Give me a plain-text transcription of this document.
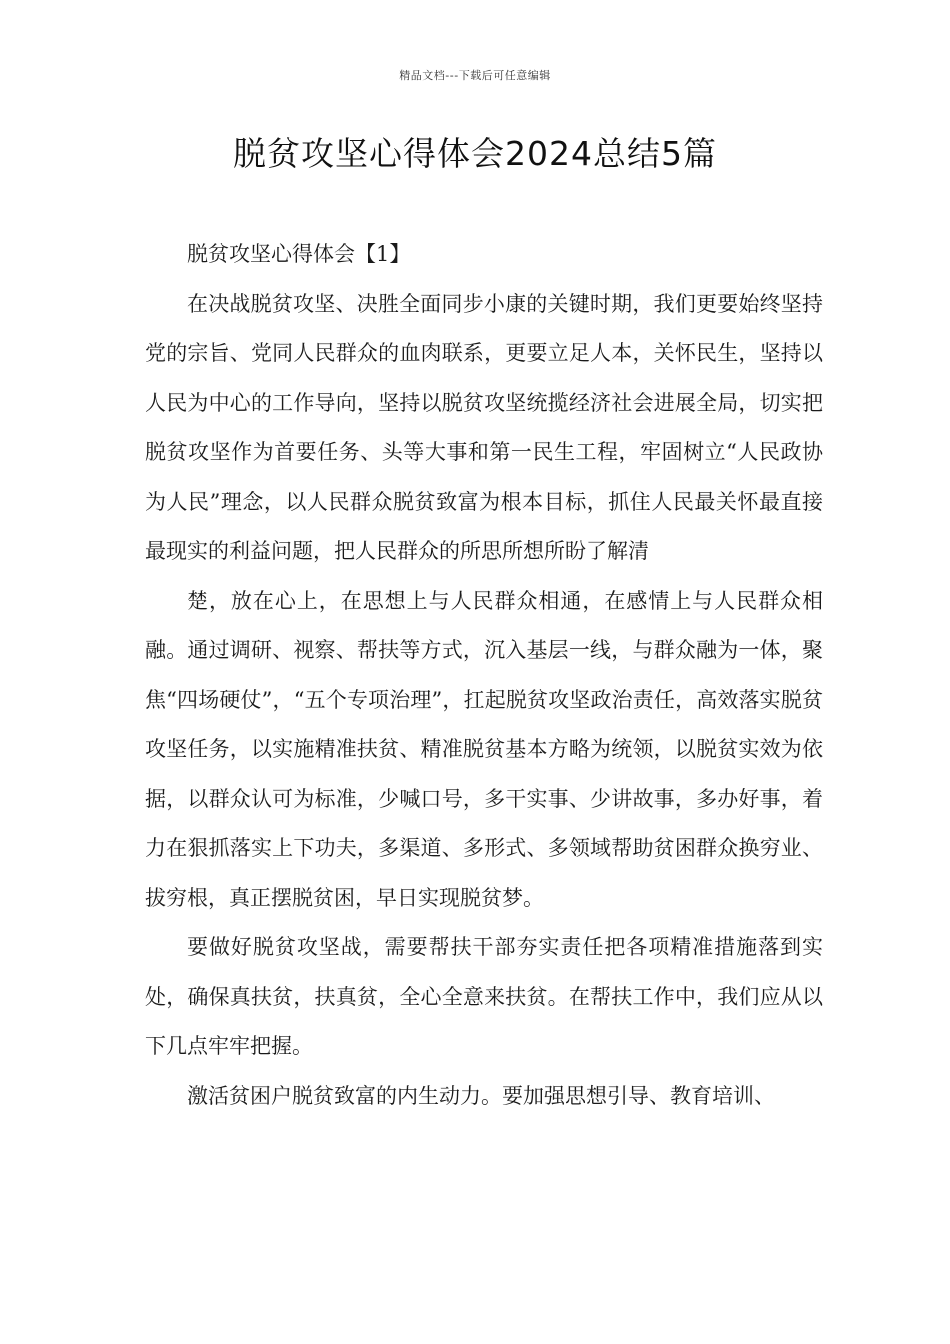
精品文档---下载后可任意编辑
脱贫攻坚心得体会2024总结5篇

脱贫攻坚心得体会【1】

在决战脱贫攻坚、决胜全面同步小康的关键时期，我们更要始终坚持党的宗旨、党同人民群众的血肉联系，更要立足人本，关怀民生，坚持以人民为中心的工作导向，坚持以脱贫攻坚统揽经济社会进展全局，切实把脱贫攻坚作为首要任务、头等大事和第一民生工程，牢固树立“人民政协为人民”理念，以人民群众脱贫致富为根本目标，抓住人民最关怀最直接最现实的利益问题，把人民群众的所思所想所盼了解清

楚，放在心上，在思想上与人民群众相通，在感情上与人民群众相融。通过调研、视察、帮扶等方式，沉入基层一线，与群众融为一体，聚焦“四场硬仗”，“五个专项治理”，扛起脱贫攻坚政治责任，高效落实脱贫攻坚任务，以实施精准扶贫、精准脱贫基本方略为统领，以脱贫实效为依据，以群众认可为标准，少喊口号，多干实事、少讲故事，多办好事，着力在狠抓落实上下功夫，多渠道、多形式、多领域帮助贫困群众换穷业、拔穷根，真正摆脱贫困，早日实现脱贫梦。

要做好脱贫攻坚战，需要帮扶干部夯实责任把各项精准措施落到实处，确保真扶贫，扶真贫，全心全意来扶贫。在帮扶工作中，我们应从以下几点牢牢把握。

激活贫困户脱贫致富的内生动力。要加强思想引导、教育培训、
